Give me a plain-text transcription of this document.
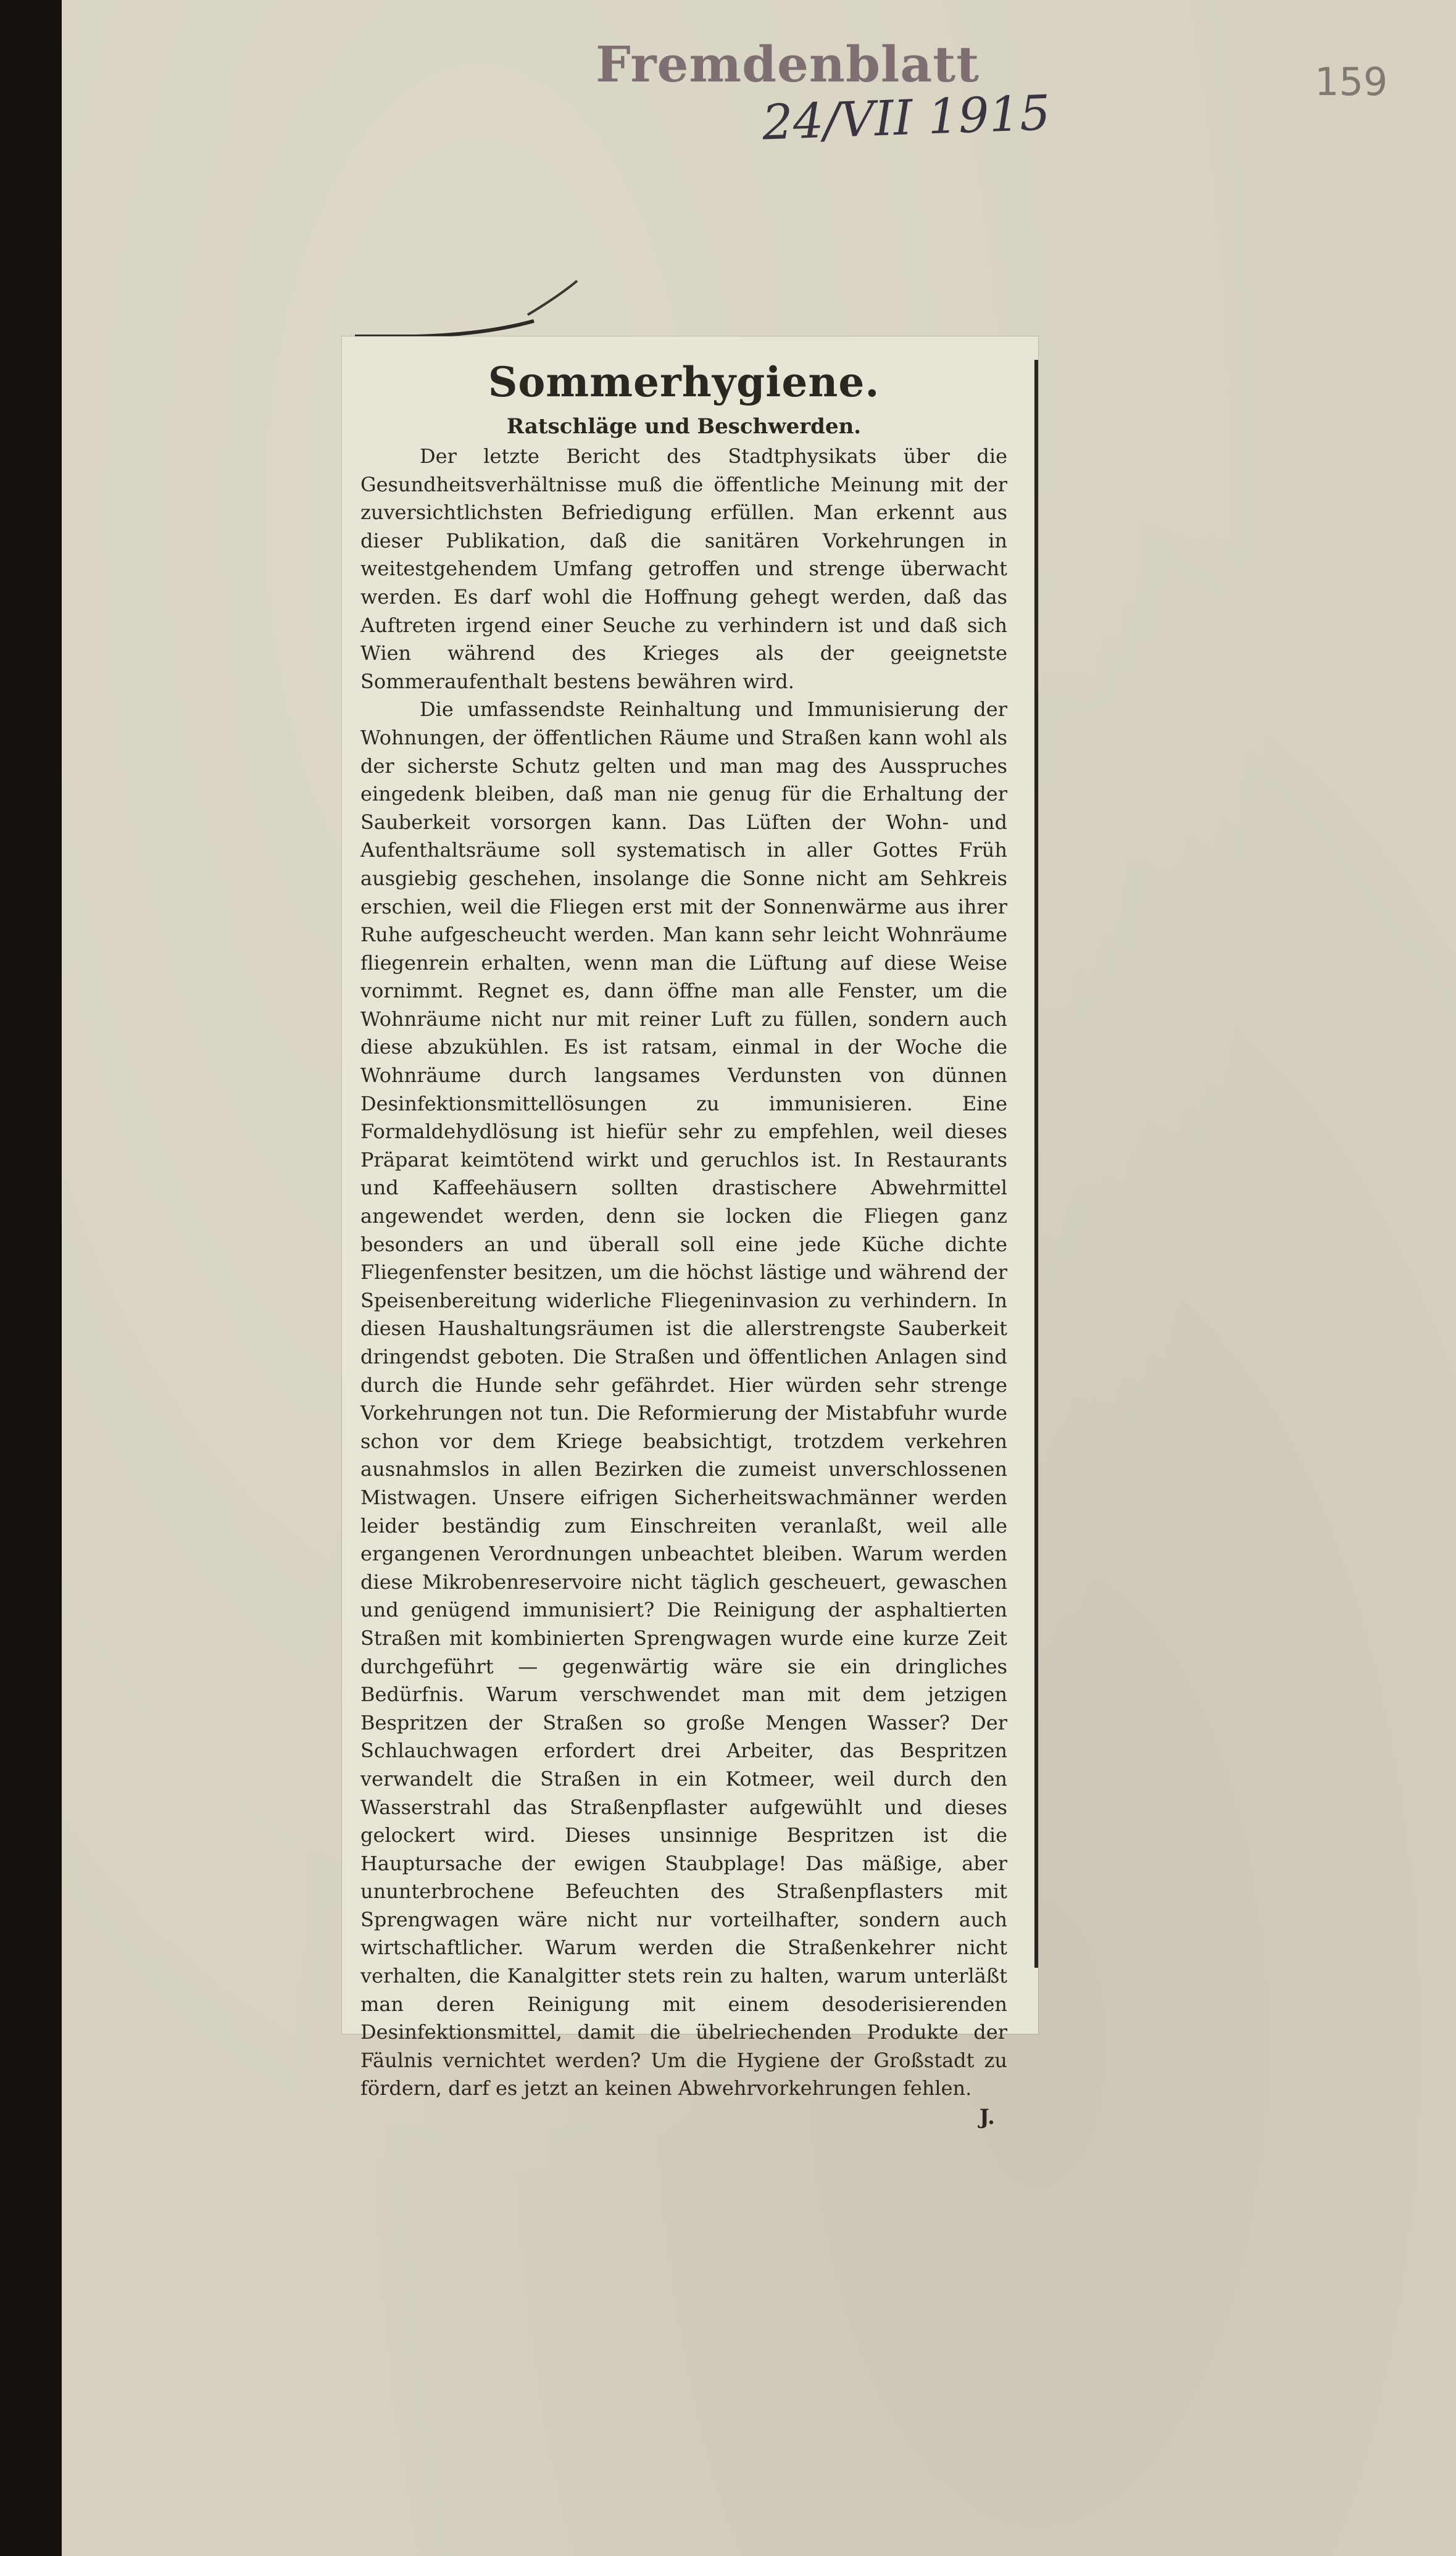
Fremdenblatt
24/VII 1915
159
Sommerhygiene.
Ratschläge und Beschwerden.

Der letzte Bericht des Stadtphysikats über die Gesundheitsverhältnisse muß die öffentliche Meinung mit der zuversichtlichsten Befriedigung erfüllen. Man erkennt aus dieser Publikation, daß die sanitären Vorkehrungen in weitestgehendem Umfang getroffen und strenge überwacht werden. Es darf wohl die Hoffnung gehegt werden, daß das Auftreten irgend einer Seuche zu verhindern ist und daß sich Wien während des Krieges als der geeignetste Sommeraufenthalt bestens bewähren wird.

Die umfassendste Reinhaltung und Immunisierung der Wohnungen, der öffentlichen Räume und Straßen kann wohl als der sicherste Schutz gelten und man mag des Ausspruches eingedenk bleiben, daß man nie genug für die Erhaltung der Sauberkeit vorsorgen kann. Das Lüften der Wohn- und Aufenthaltsräume soll systematisch in aller Gottes Früh ausgiebig geschehen, insolange die Sonne nicht am Sehkreis erschien, weil die Fliegen erst mit der Sonnenwärme aus ihrer Ruhe aufgescheucht werden. Man kann sehr leicht Wohnräume fliegenrein erhalten, wenn man die Lüftung auf diese Weise vornimmt. Regnet es, dann öffne man alle Fenster, um die Wohnräume nicht nur mit reiner Luft zu füllen, sondern auch diese abzukühlen. Es ist ratsam, einmal in der Woche die Wohnräume durch langsames Verdunsten von dünnen Desinfektionsmittellösungen zu immunisieren. Eine Formaldehydlösung ist hiefür sehr zu empfehlen, weil dieses Präparat keimtötend wirkt und geruchlos ist. In Restaurants und Kaffeehäusern sollten drastischere Abwehrmittel angewendet werden, denn sie locken die Fliegen ganz besonders an und überall soll eine jede Küche dichte Fliegenfenster besitzen, um die höchst lästige und während der Speisenbereitung widerliche Fliegeninvasion zu verhindern. In diesen Haushaltungsräumen ist die allerstrengste Sauberkeit dringendst geboten. Die Straßen und öffentlichen Anlagen sind durch die Hunde sehr gefährdet. Hier würden sehr strenge Vorkehrungen not tun. Die Reformierung der Mistabfuhr wurde schon vor dem Kriege beabsichtigt, trotzdem verkehren ausnahmslos in allen Bezirken die zumeist unverschlossenen Mistwagen. Unsere eifrigen Sicherheitswachmänner werden leider beständig zum Einschreiten veranlaßt, weil alle ergangenen Verordnungen unbeachtet bleiben. Warum werden diese Mikrobenreservoire nicht täglich gescheuert, gewaschen und genügend immunisiert? Die Reinigung der asphaltierten Straßen mit kombinierten Sprengwagen wurde eine kurze Zeit durchgeführt — gegenwärtig wäre sie ein dringliches Bedürfnis. Warum verschwendet man mit dem jetzigen Bespritzen der Straßen so große Mengen Wasser? Der Schlauchwagen erfordert drei Arbeiter, das Bespritzen verwandelt die Straßen in ein Kotmeer, weil durch den Wasserstrahl das Straßenpflaster aufgewühlt und dieses gelockert wird. Dieses unsinnige Bespritzen ist die Hauptursache der ewigen Staubplage! Das mäßige, aber ununterbrochene Befeuchten des Straßenpflasters mit Sprengwagen wäre nicht nur vorteilhafter, sondern auch wirtschaftlicher. Warum werden die Straßenkehrer nicht verhalten, die Kanalgitter stets rein zu halten, warum unterläßt man deren Reinigung mit einem desoderisierenden Desinfektionsmittel, damit die übelriechenden Produkte der Fäulnis vernichtet werden? Um die Hygiene der Großstadt zu fördern, darf es jetzt an keinen Abwehrvorkehrungen fehlen.

J.
